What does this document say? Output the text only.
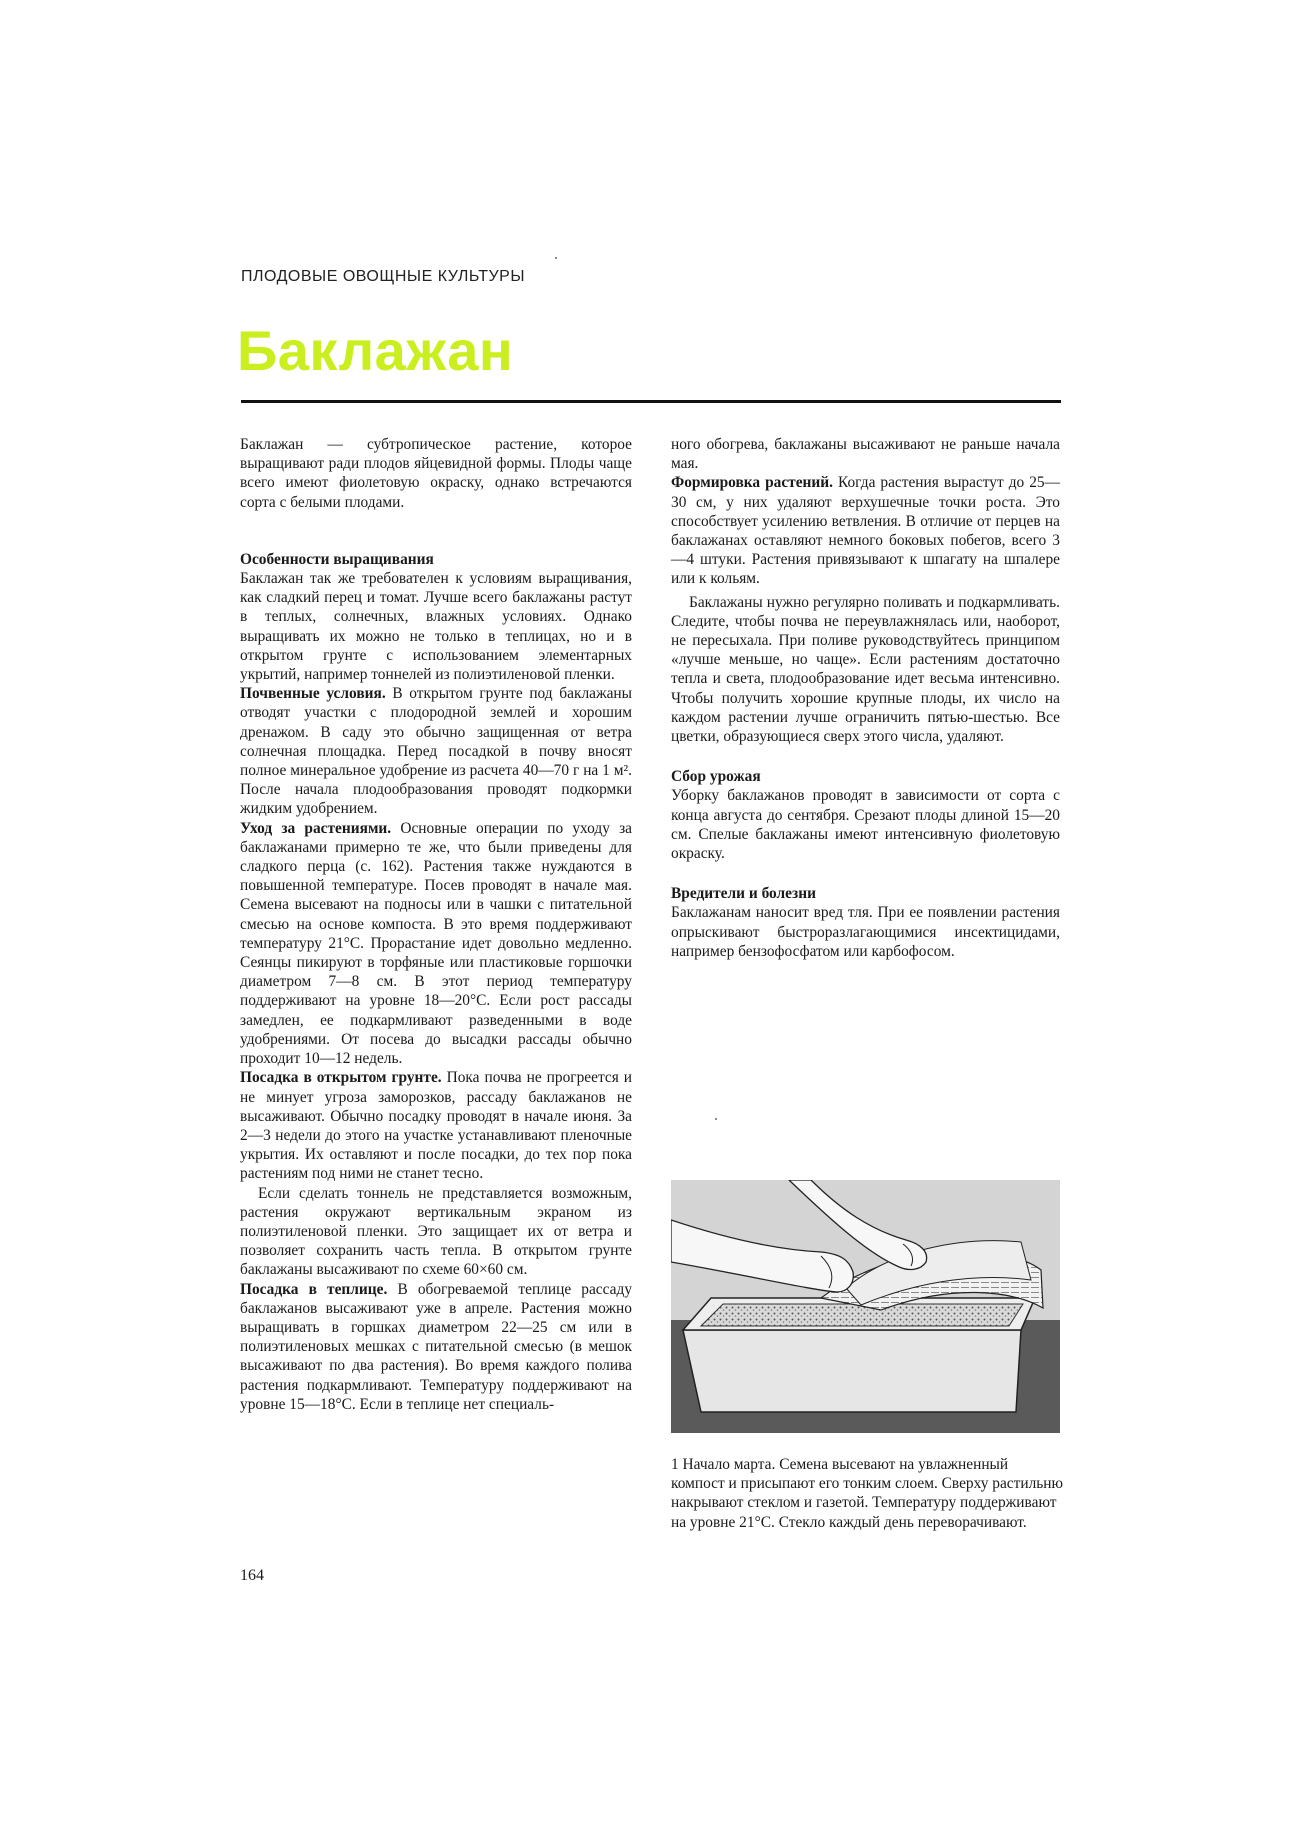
ПЛОДОВЫЕ ОВОЩНЫЕ КУЛЬТУРЫ
Баклажан

Баклажан — субтропическое растение, которое выращивают ради плодов яйцевидной формы. Плоды чаще всего имеют фиолетовую окраску, однако встречаются сорта с белыми плодами.

Особенности выращивания

Баклажан так же требователен к условиям выращивания, как сладкий перец и томат. Лучше всего баклажаны растут в теплых, солнечных, влажных условиях. Однако выращивать их можно не только в теплицах, но и в открытом грунте с использованием элементарных укрытий, например тоннелей из полиэтиленовой пленки.

Почвенные условия. В открытом грунте под баклажаны отводят участки с плодородной землей и хорошим дренажом. В саду это обычно защищенная от ветра солнечная площадка. Перед посадкой в почву вносят полное минеральное удобрение из расчета 40—70 г на 1 м². После начала плодообразования проводят подкормки жидким удобрением.

Уход за растениями. Основные операции по уходу за баклажанами примерно те же, что были приведены для сладкого перца (с. 162). Растения также нуждаются в повышенной температуре. Посев проводят в начале мая. Семена высевают на подносы или в чашки с питательной смесью на основе компоста. В это время поддерживают температуру 21°С. Прорастание идет довольно медленно. Сеянцы пикируют в торфяные или пластиковые горшочки диаметром 7—8 см. В этот период температуру поддерживают на уровне 18—20°С. Если рост рассады замедлен, ее подкармливают разведенными в воде удобрениями. От посева до высадки рассады обычно проходит 10—12 недель.

Посадка в открытом грунте. Пока почва не прогреется и не минует угроза заморозков, рассаду баклажанов не высаживают. Обычно посадку проводят в начале июня. За 2—3 недели до этого на участке устанавливают пленочные укрытия. Их оставляют и после посадки, до тех пор пока растениям под ними не станет тесно.

Если сделать тоннель не представляется возможным, растения окружают вертикальным экраном из полиэтиленовой пленки. Это защищает их от ветра и позволяет сохранить часть тепла. В открытом грунте баклажаны высаживают по схеме 60×60 см.

Посадка в теплице. В обогреваемой теплице рассаду баклажанов высаживают уже в апреле. Растения можно выращивать в горшках диаметром 22—25 см или в полиэтиленовых мешках с питательной смесью (в мешок высаживают по два растения). Во время каждого полива растения подкармливают. Температуру поддерживают на уровне 15—18°С. Если в теплице нет специаль-

ного обогрева, баклажаны высаживают не раньше начала мая.

Формировка растений. Когда растения вырастут до 25—30 см, у них удаляют верхушечные точки роста. Это способствует усилению ветвления. В отличие от перцев на баклажанах оставляют немного боковых побегов, всего 3—4 штуки. Растения привязывают к шпагату на шпалере или к кольям.

Баклажаны нужно регулярно поливать и подкармливать. Следите, чтобы почва не переувлажнялась или, наоборот, не пересыхала. При поливе руководствуйтесь принципом «лучше меньше, но чаще». Если растениям достаточно тепла и света, плодообразование идет весьма интенсивно. Чтобы получить хорошие крупные плоды, их число на каждом растении лучше ограничить пятью-шестью. Все цветки, образующиеся сверх этого числа, удаляют.

Сбор урожая

Уборку баклажанов проводят в зависимости от сорта с конца августа до сентября. Срезают плоды длиной 15—20 см. Спелые баклажаны имеют интенсивную фиолетовую окраску.

Вредители и болезни

Баклажанам наносит вред тля. При ее появлении растения опрыскивают быстроразлагающимися инсектицидами, например бензофосфатом или карбофосом.

1 Начало марта. Семена высевают на увлажненный компост и присыпают его тонким слоем. Сверху растильню накрывают стеклом и газетой. Температуру поддерживают на уровне 21°С. Стекло каждый день переворачивают.
164
